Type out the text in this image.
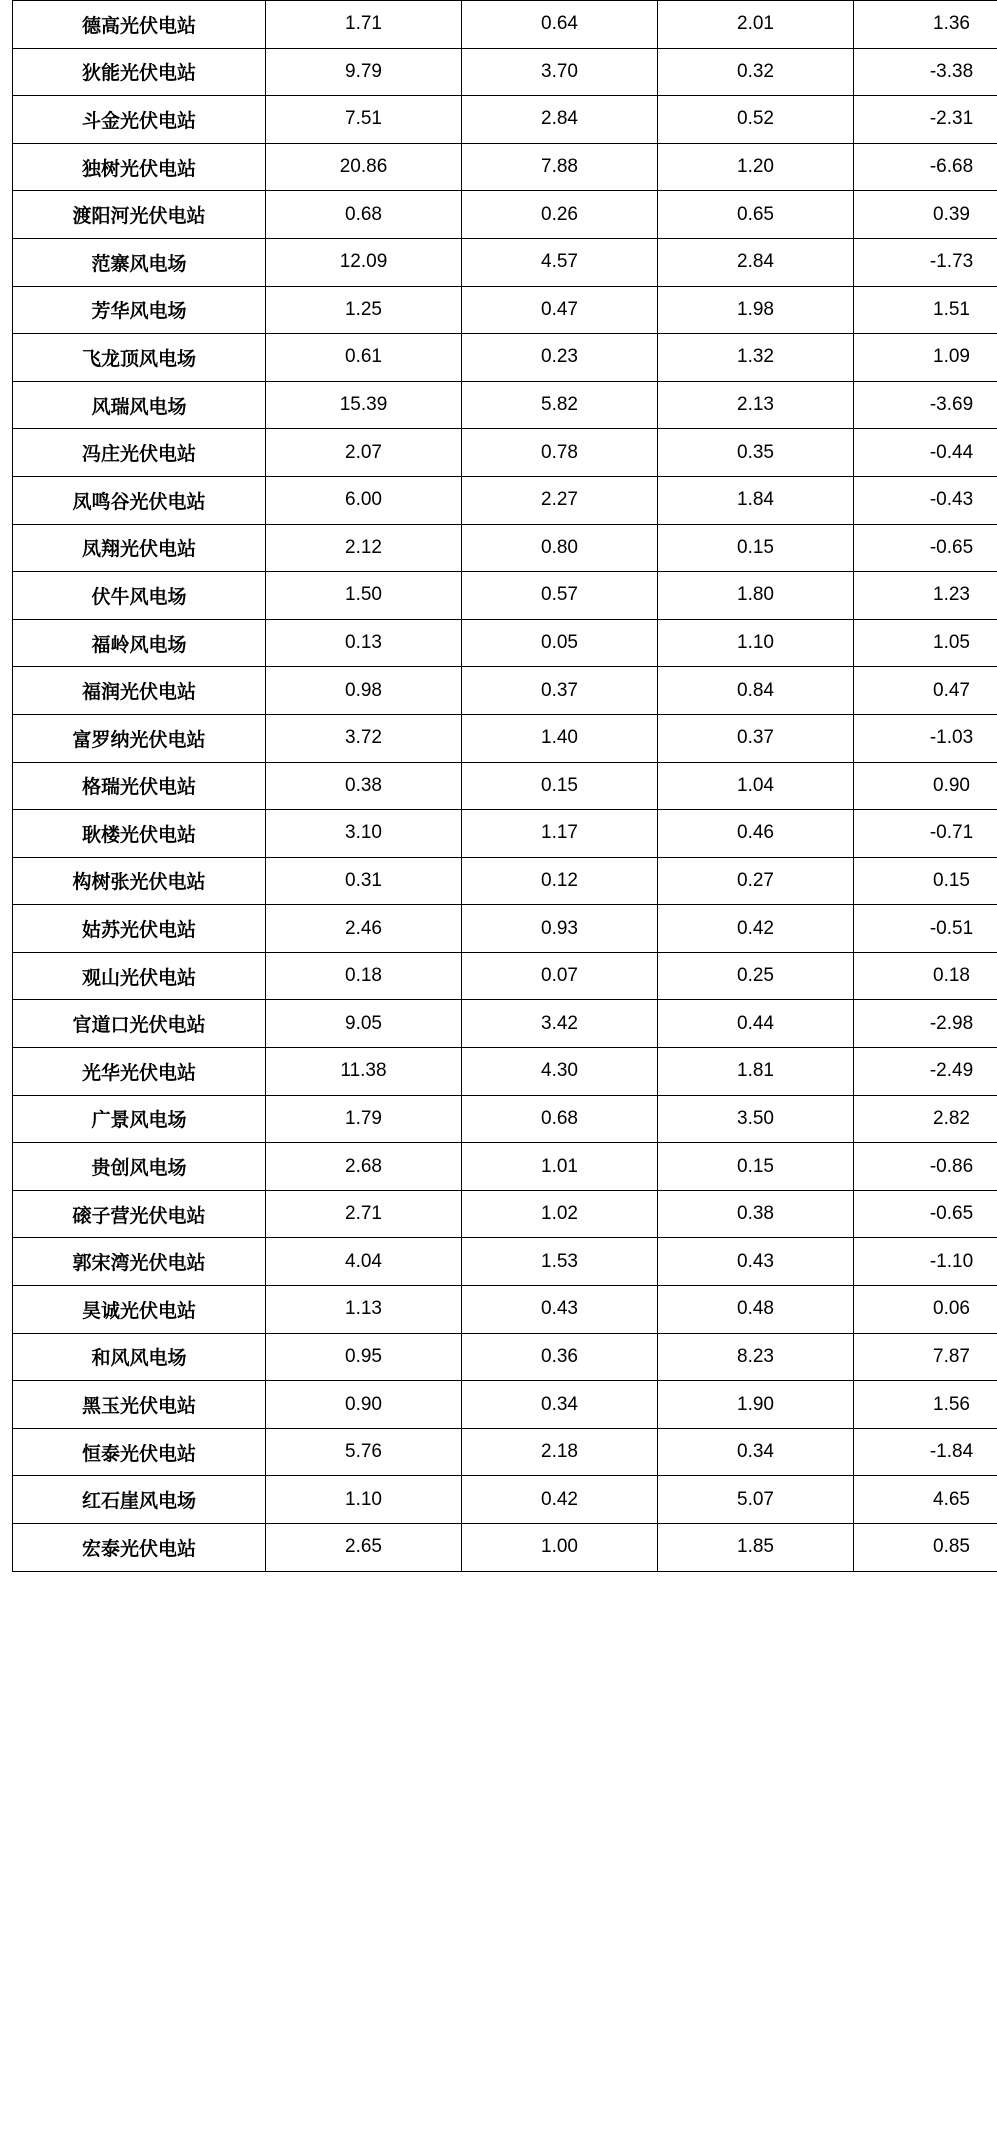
德高光伏电站	1.71	0.64	2.01	1.36
狄能光伏电站	9.79	3.70	0.32	-3.38
斗金光伏电站	7.51	2.84	0.52	-2.31
独树光伏电站	20.86	7.88	1.20	-6.68
渡阳河光伏电站	0.68	0.26	0.65	0.39
范寨风电场	12.09	4.57	2.84	-1.73
芳华风电场	1.25	0.47	1.98	1.51
飞龙顶风电场	0.61	0.23	1.32	1.09
风瑞风电场	15.39	5.82	2.13	-3.69
冯庄光伏电站	2.07	0.78	0.35	-0.44
凤鸣谷光伏电站	6.00	2.27	1.84	-0.43
凤翔光伏电站	2.12	0.80	0.15	-0.65
伏牛风电场	1.50	0.57	1.80	1.23
福岭风电场	0.13	0.05	1.10	1.05
福润光伏电站	0.98	0.37	0.84	0.47
富罗纳光伏电站	3.72	1.40	0.37	-1.03
格瑞光伏电站	0.38	0.15	1.04	0.90
耿楼光伏电站	3.10	1.17	0.46	-0.71
构树张光伏电站	0.31	0.12	0.27	0.15
姑苏光伏电站	2.46	0.93	0.42	-0.51
观山光伏电站	0.18	0.07	0.25	0.18
官道口光伏电站	9.05	3.42	0.44	-2.98
光华光伏电站	11.38	4.30	1.81	-2.49
广景风电场	1.79	0.68	3.50	2.82
贵创风电场	2.68	1.01	0.15	-0.86
磙子营光伏电站	2.71	1.02	0.38	-0.65
郭宋湾光伏电站	4.04	1.53	0.43	-1.10
昊诚光伏电站	1.13	0.43	0.48	0.06
和风风电场	0.95	0.36	8.23	7.87
黑玉光伏电站	0.90	0.34	1.90	1.56
恒泰光伏电站	5.76	2.18	0.34	-1.84
红石崖风电场	1.10	0.42	5.07	4.65
宏泰光伏电站	2.65	1.00	1.85	0.85
